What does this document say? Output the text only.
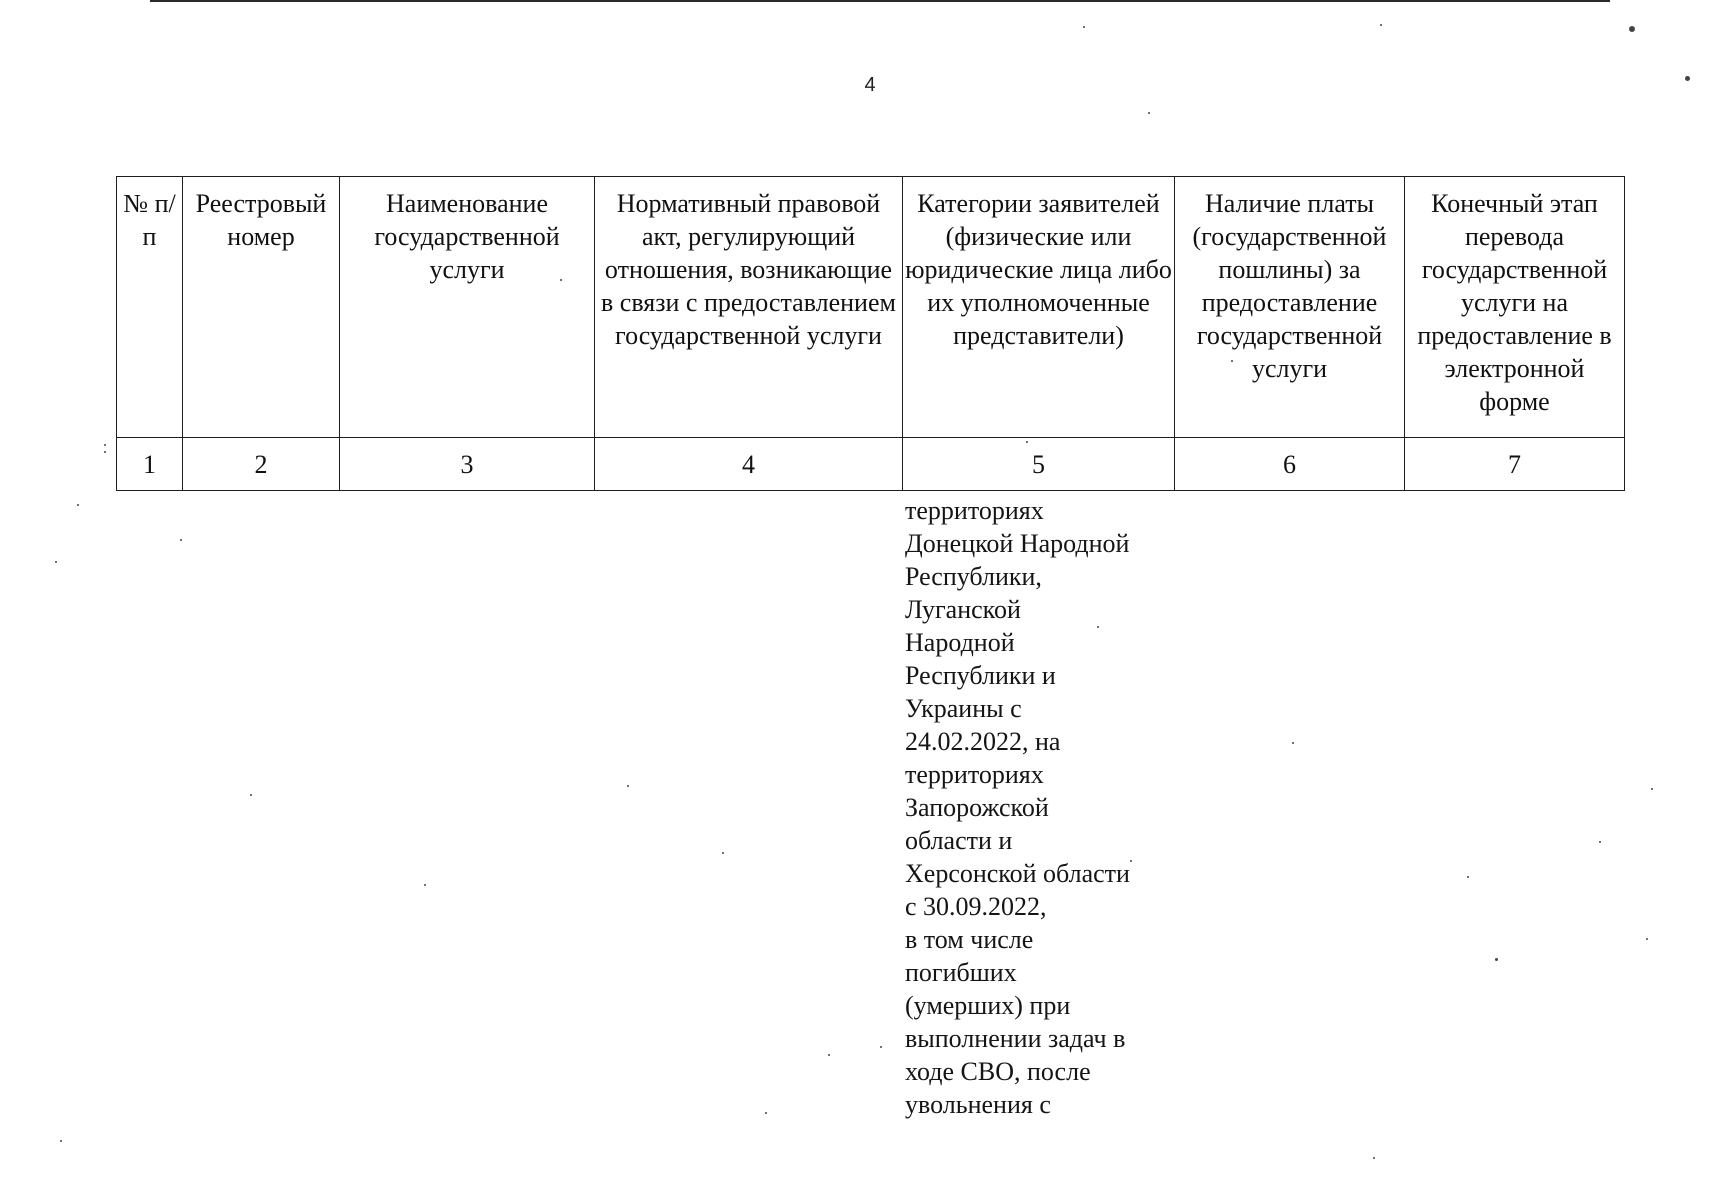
4
№ п/п	Реестровый номер	Наименование государственной услуги	Нормативный правовой акт, регулирующий отношения, возникающие в связи с предоставлением государственной услуги	Категории заявителей (физические или юридические лица либо их уполномоченные представители)	Наличие платы (государственной пошлины) за предоставление государственной услуги	Конечный этап перевода государственной услуги на предоставление в электронной форме
1	2	3	4	5	6	7
территориях
Донецкой Народной
Республики,
Луганской
Народной
Республики и
Украины с
24.02.2022, на
территориях
Запорожской
области и
Херсонской области
с 30.09.2022,
в том числе
погибших
(умерших) при
выполнении задач в
ходе СВО, после
увольнения с
